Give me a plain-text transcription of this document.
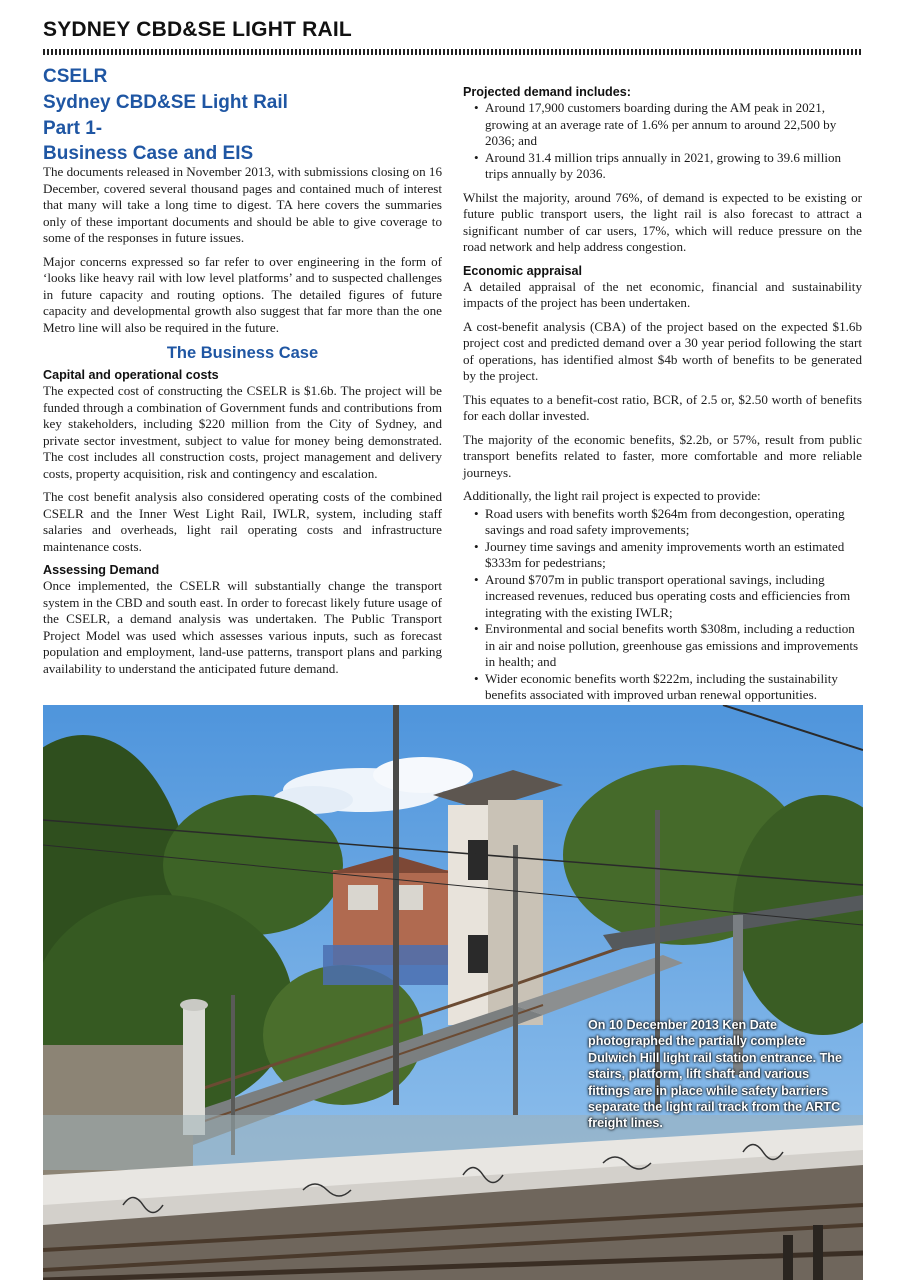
SYDNEY CBD&SE LIGHT RAIL
CSELR
Sydney CBD&SE Light Rail
Part 1-
Business Case and EIS

The documents released in November 2013, with submissions closing on 16 December, covered several thousand pages and contained much of interest that many will take a long time to digest. TA here covers the summaries only of these important documents and should be able to give coverage to some of the responses in future issues.

Major concerns expressed so far refer to over engineering in the form of ‘looks like heavy rail with low level platforms’ and to suspected challenges in future capacity and routing options. The detailed figures of future capacity and developmental growth also suggest that far more than the one Metro line will also be required in the future.

The Business Case
Capital and operational costs

The expected cost of constructing the CSELR is $1.6b. The project will be funded through a combination of Government funds and contributions from key stakeholders, including $220 million from the City of Sydney, and private sector investment, subject to value for money being demonstrated. The cost includes all construction costs, project management and delivery costs, property acquisition, risk and contingency and escalation.

The cost benefit analysis also considered operating costs of the combined CSELR and the Inner West Light Rail, IWLR, system, including staff salaries and overheads, light rail operating costs and infrastructure maintenance costs.

Assessing Demand

Once implemented, the CSELR will substantially change the transport system in the CBD and south east. In order to forecast likely future usage of the CSELR, a demand analysis was undertaken. The Public Transport Project Model was used which assesses various inputs, such as forecast population and employment, land-use patterns, transport plans and parking availability to understand the anticipated future demand.

Projected demand includes:
• Around 17,900 customers boarding during the AM peak in 2021, growing at an average rate of 1.6% per annum to around 22,500 by 2036; and
• Around 31.4 million trips annually in 2021, growing to 39.6 million trips annually by 2036.

Whilst the majority, around 76%, of demand is expected to be existing or future public transport users, the light rail is also forecast to attract a significant number of car users, 17%, which will reduce pressure on the road network and help address congestion.

Economic appraisal

A detailed appraisal of the net economic, financial and sustainability impacts of the project has been undertaken.

A cost-benefit analysis (CBA) of the project based on the expected $1.6b project cost and predicted demand over a 30 year period following the start of operations, has identified almost $4b worth of benefits to be generated by the project.

This equates to a benefit-cost ratio, BCR, of 2.5 or, $2.50 worth of benefits for each dollar invested.

The majority of the economic benefits, $2.2b, or 57%, result from public transport benefits related to faster, more comfortable and more reliable journeys.

Additionally, the light rail project is expected to provide:

• Road users with benefits worth $264m from decongestion, operating savings and road safety improvements;
• Journey time savings and amenity improvements worth an estimated $333m for pedestrians;
• Around $707m in public transport operational savings, including increased revenues, reduced bus operating costs and efficiencies from integrating with the existing IWLR;
• Environmental and social benefits worth $308m, including a reduction in air and noise pollution, greenhouse gas emissions and improvements in health; and
• Wider economic benefits worth $222m, including the sustainability benefits associated with improved urban renewal opportunities.
On 10 December 2013 Ken Date photographed the partially complete Dulwich Hill light rail station entrance. The stairs, platform, lift shaft and various fittings are in place while safety barriers separate the light rail track from the ARTC freight lines.
